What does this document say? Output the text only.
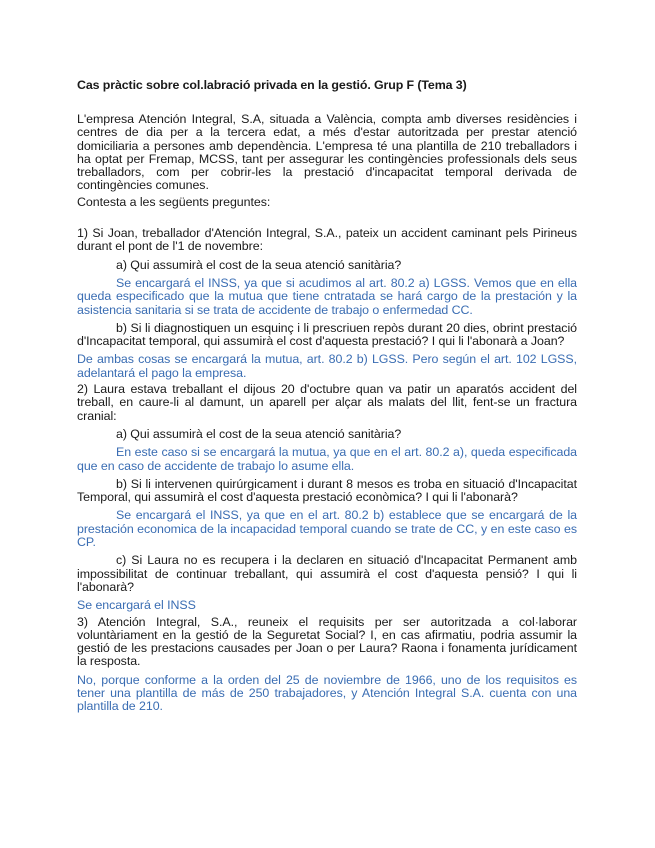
Cas pràctic sobre col.labració privada en la gestió. Grup F (Tema 3)

L'empresa Atención Integral, S.A, situada a València, compta amb diverses residències i centres de dia per a la tercera edat, a més d'estar autoritzada per prestar atenció domiciliaria a persones amb dependència. L'empresa té una plantilla de 210 treballadors i ha optat per Fremap, MCSS, tant per assegurar les contingències professionals dels seus treballadors, com per cobrir-les la prestació d'incapacitat temporal derivada de contingències comunes.

Contesta a les següents preguntes:

1) Si Joan, treballador d'Atención Integral, S.A., pateix un accident caminant pels Pirineus durant el pont de l'1 de novembre:

a) Qui assumirà el cost de la seua atenció sanitària?

Se encargará el INSS, ya que si acudimos al art. 80.2 a) LGSS. Vemos que en ella queda especificado que la mutua que tiene cntratada se hará cargo de la prestación y la asistencia sanitaria si se trata de accidente de trabajo o enfermedad CC.

b) Si li diagnostiquen un esquinç i li prescriuen repòs durant 20 dies, obrint prestació d'Incapacitat temporal, qui assumirà el cost d'aquesta prestació? I qui li l'abonarà a Joan?

De ambas cosas se encargará la mutua, art. 80.2 b) LGSS. Pero según el art. 102 LGSS, adelantará el pago la empresa.

2) Laura estava treballant el dijous 20 d'octubre quan va patir un aparatós accident del treball, en caure-li al damunt, un aparell per alçar als malats del llit, fent-se un fractura cranial:

a) Qui assumirà el cost de la seua atenció sanitària?

En este caso si se encargará la mutua, ya que en el art. 80.2 a), queda especificada que en caso de accidente de trabajo lo asume ella.

b) Si li intervenen quirúrgicament i durant 8 mesos es troba en situació d'Incapacitat Temporal, qui assumirà el cost d'aquesta prestació econòmica? I qui li l'abonarà?

Se encargará el INSS, ya que en el art. 80.2 b) establece que se encargará de la prestación economica de la incapacidad temporal cuando se trate de CC, y en este caso es CP.

c) Si Laura no es recupera i la declaren en situació d'Incapacitat Permanent amb impossibilitat de continuar treballant, qui assumirà el cost d'aquesta pensió? I qui li l'abonarà?

Se encargará el INSS

3) Atención Integral, S.A., reuneix el requisits per ser autoritzada a col·laborar voluntàriament en la gestió de la Seguretat Social? I, en cas afirmatiu, podria assumir la gestió de les prestacions causades per Joan o per Laura? Raona i fonamenta jurídicament la resposta.

No, porque conforme a la orden del 25 de noviembre de 1966, uno de los requisitos es tener una plantilla de más de 250 trabajadores, y Atención Integral S.A. cuenta con una plantilla de 210.
